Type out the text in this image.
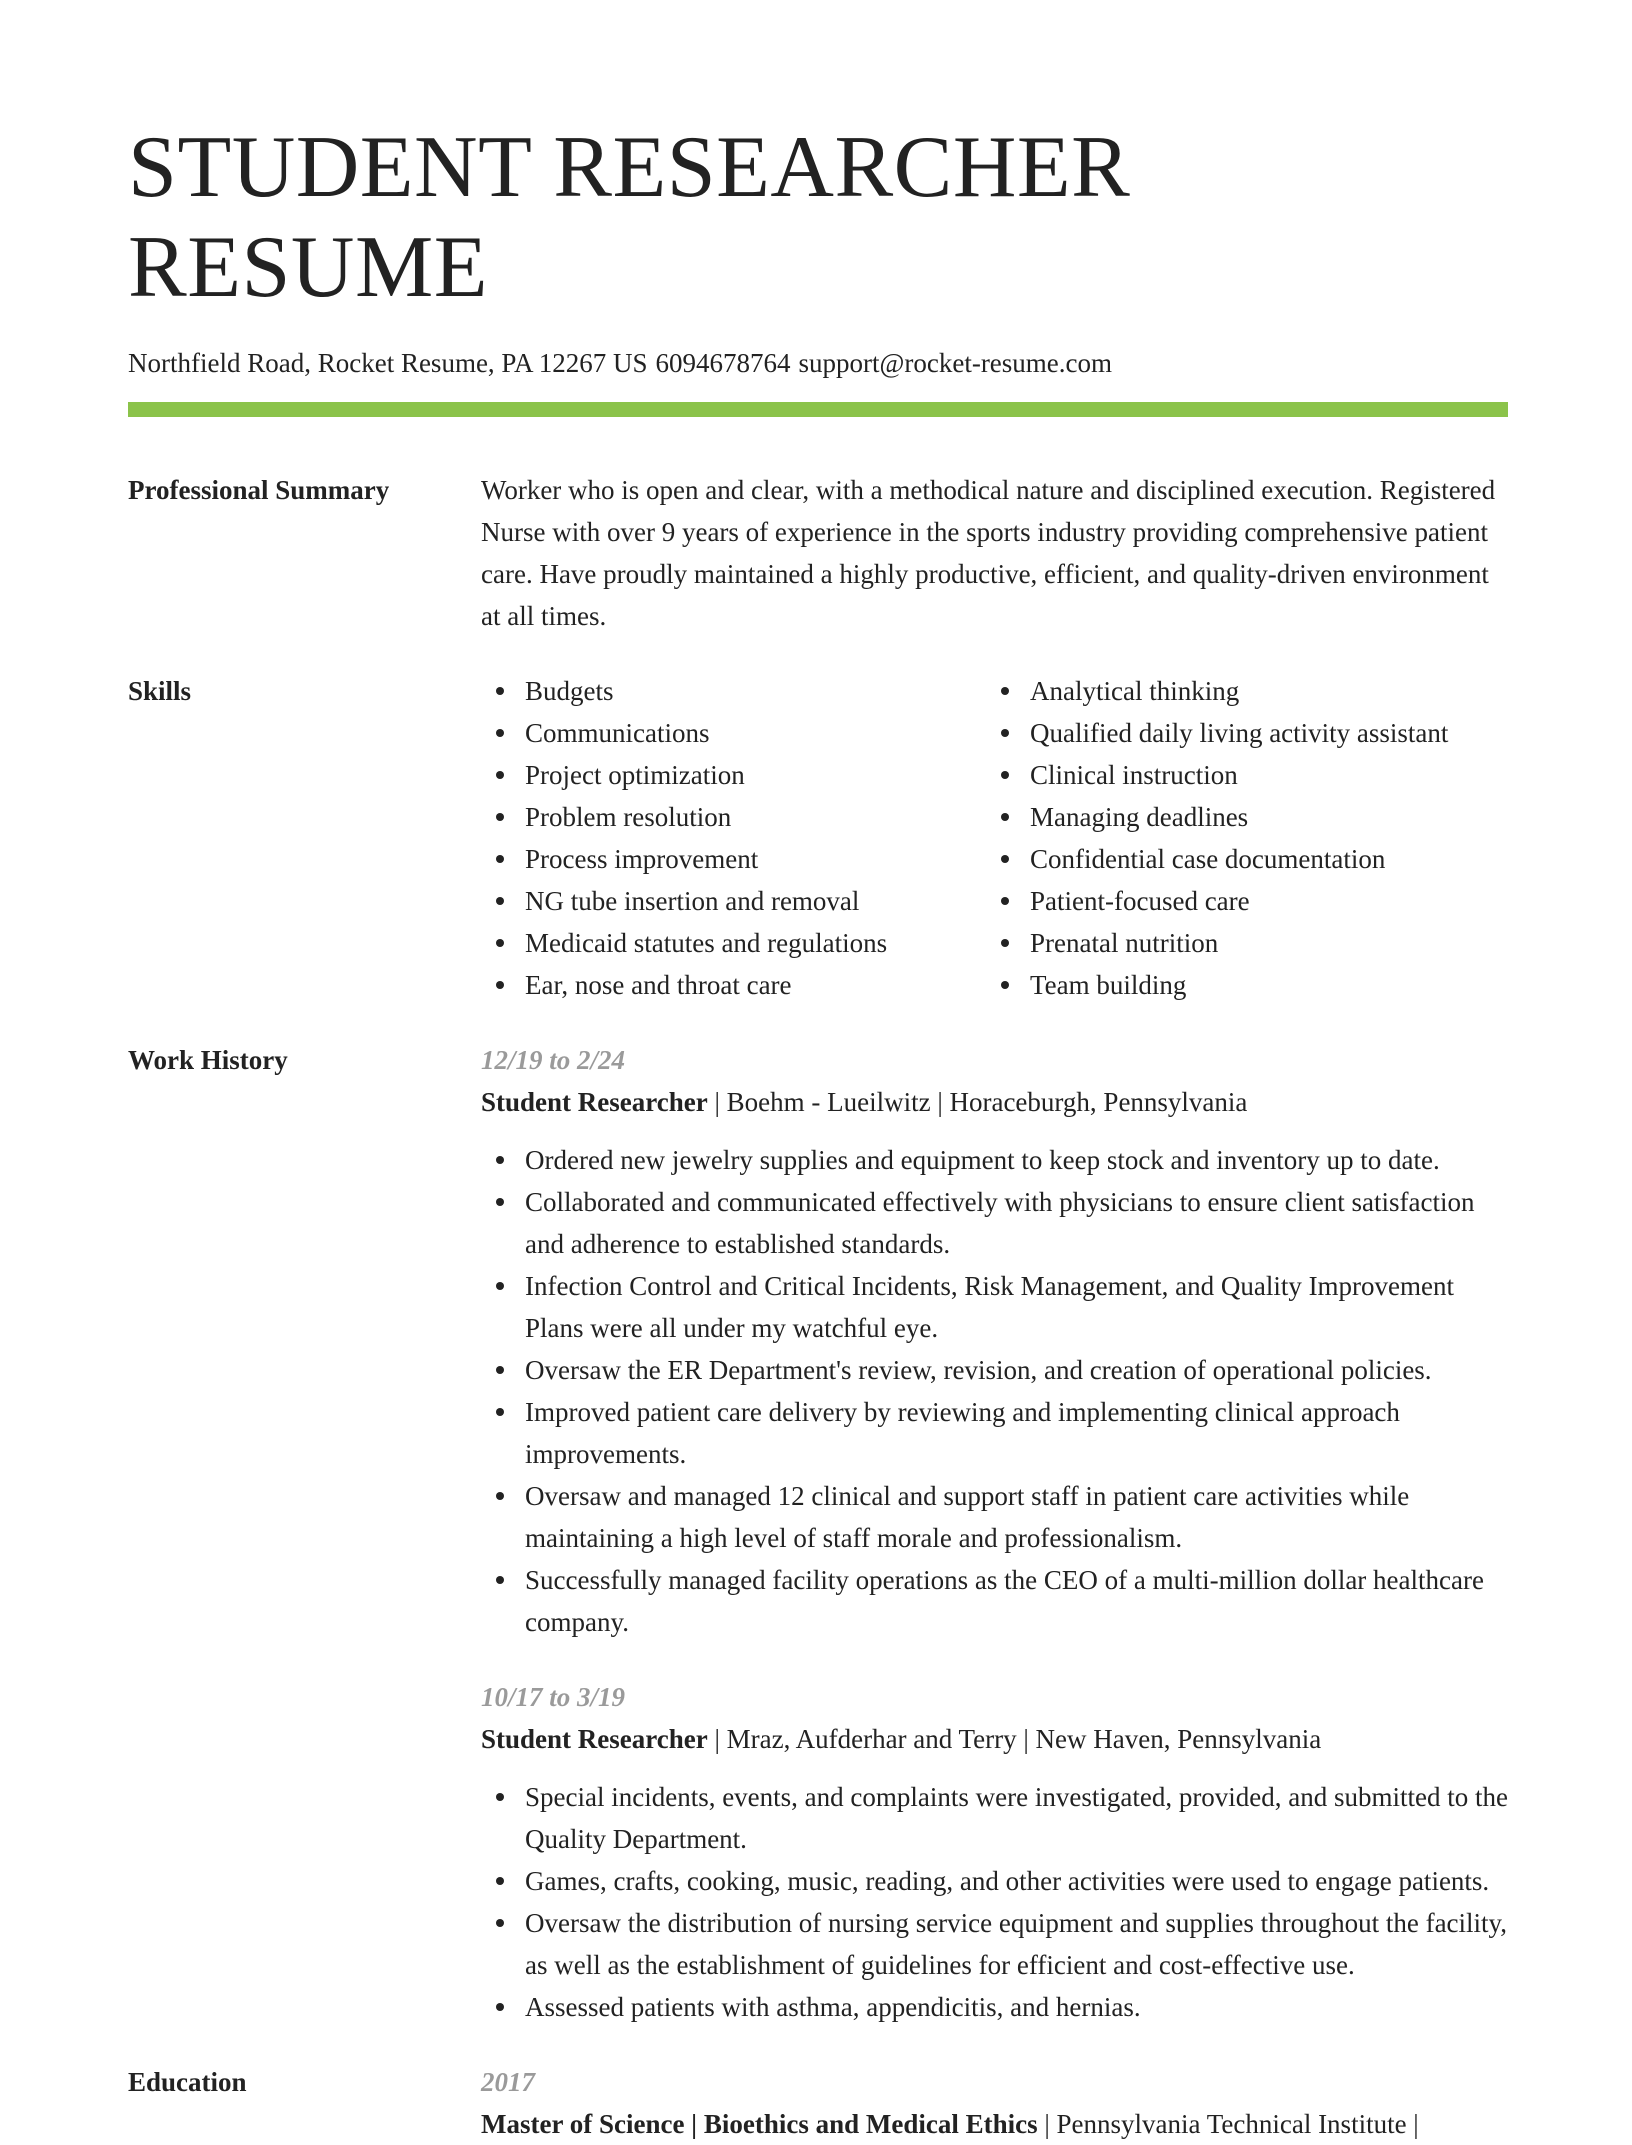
STUDENT RESEARCHER RESUME
Northfield Road, Rocket Resume, PA 12267 US 6094678764 support@rocket-resume.com
Professional Summary	Worker who is open and clear, with a methodical nature and disciplined execution. Registered Nurse with over 9 years of experience in the sports industry providing comprehensive patient care. Have proudly maintained a highly productive, efficient, and quality-driven environment at all times.

Skills	Budgets
Communications
Project optimization
Problem resolution
Process improvement
NG tube insertion and removal
Medicaid statutes and regulations
Ear, nose and throat care
Analytical thinking
Qualified daily living activity assistant
Clinical instruction
Managing deadlines
Confidential case documentation
Patient-focused care
Prenatal nutrition
Team building
Work History	12/19 to 2/24
Student Researcher | Boehm - Lueilwitz | Horaceburgh, Pennsylvania
Ordered new jewelry supplies and equipment to keep stock and inventory up to date.
Collaborated and communicated effectively with physicians to ensure client satisfaction and adherence to established standards.
Infection Control and Critical Incidents, Risk Management, and Quality Improvement Plans were all under my watchful eye.
Oversaw the ER Department's review, revision, and creation of operational policies.
Improved patient care delivery by reviewing and implementing clinical approach improvements.
Oversaw and managed 12 clinical and support staff in patient care activities while maintaining a high level of staff morale and professionalism.
Successfully managed facility operations as the CEO of a multi-million dollar healthcare company.
10/17 to 3/19
Student Researcher | Mraz, Aufderhar and Terry | New Haven, Pennsylvania
Special incidents, events, and complaints were investigated, provided, and submitted to the Quality Department.
Games, crafts, cooking, music, reading, and other activities were used to engage patients.
Oversaw the distribution of nursing service equipment and supplies throughout the facility, as well as the establishment of guidelines for efficient and cost-effective use.
Assessed patients with asthma, appendicitis, and hernias.
Education	2017
Master of Science | Bioethics and Medical Ethics | Pennsylvania Technical Institute |
